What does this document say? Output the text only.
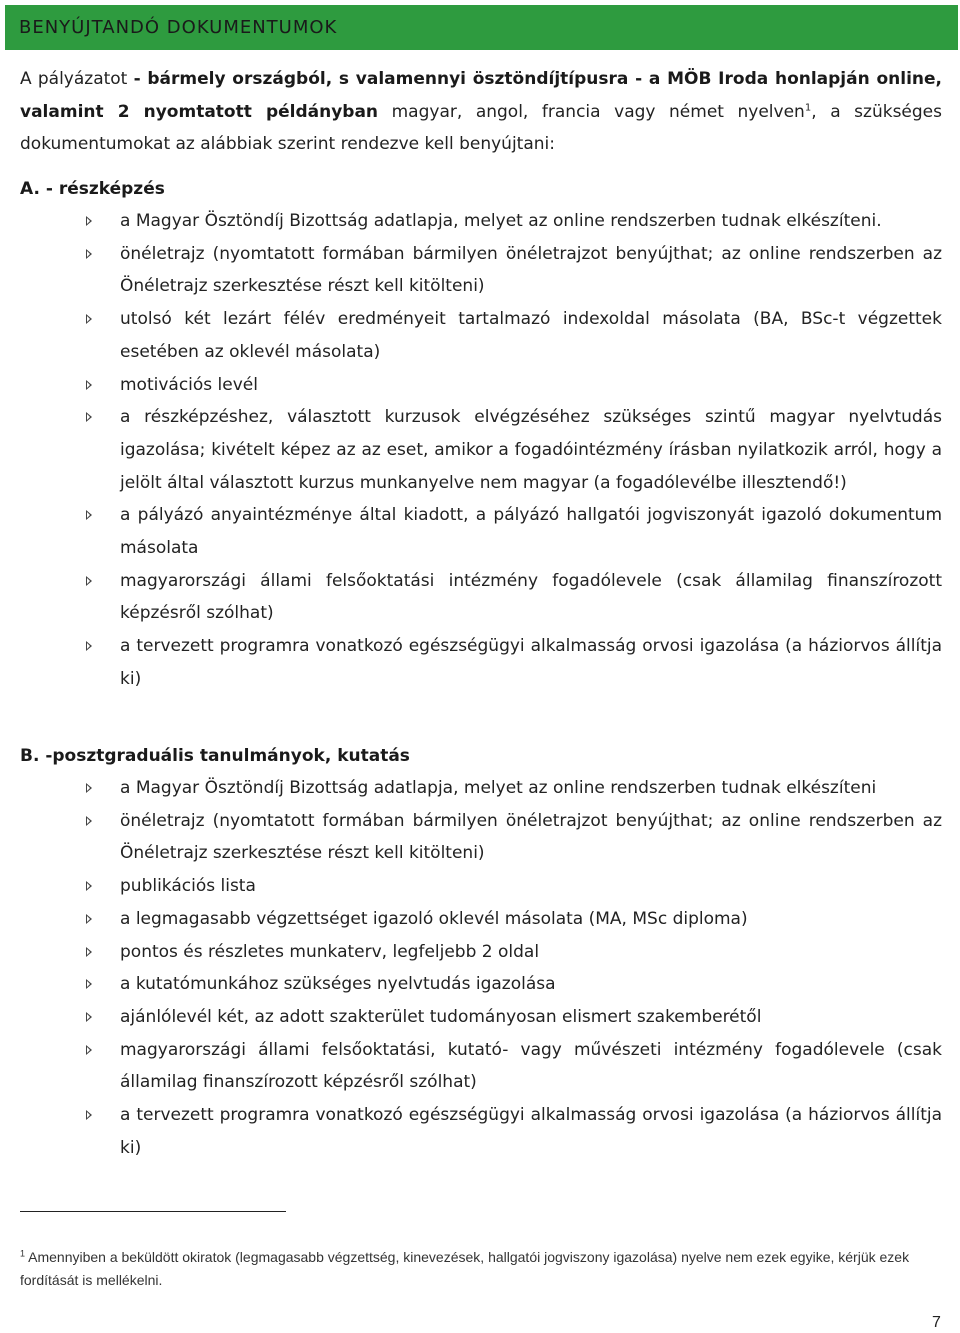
BENYÚJTANDÓ DOKUMENTUMOK

A pályázatot - bármely országból, s valamennyi ösztöndíjtípusra - a MÖB Iroda honlapján online, valamint 2 nyomtatott példányban magyar, angol, francia vagy német nyelven$^1$, a szükséges dokumentumokat az alábbiak szerint rendezve kell benyújtani:

A. - részképzés

a Magyar Ösztöndíj Bizottság adatlapja, melyet az online rendszerben tudnak elkészíteni.
önéletrajz (nyomtatott formában bármilyen önéletrajzot benyújthat; az online rendszerben az Önéletrajz szerkesztése részt kell kitölteni)
utolsó két lezárt félév eredményeit tartalmazó indexoldal másolata (BA, BSc-t végzettek esetében az oklevél másolata)
motivációs levél
a részképzéshez, választott kurzusok elvégzéséhez szükséges szintű magyar nyelvtudás igazolása; kivételt képez az az eset, amikor a fogadóintézmény írásban nyilatkozik arról, hogy a jelölt által választott kurzus munkanyelve nem magyar (a fogadólevélbe illesztendő!)
a pályázó anyaintézménye által kiadott, a pályázó hallgatói jogviszonyát igazoló dokumentum másolata
magyarországi állami felsőoktatási intézmény fogadólevele (csak államilag finanszírozott képzésről szólhat)
a tervezett programra vonatkozó egészségügyi alkalmasság orvosi igazolása (a háziorvos állítja ki)

B. -posztgraduális tanulmányok, kutatás

a Magyar Ösztöndíj Bizottság adatlapja, melyet az online rendszerben tudnak elkészíteni
önéletrajz (nyomtatott formában bármilyen önéletrajzot benyújthat; az online rendszerben az Önéletrajz szerkesztése részt kell kitölteni)
publikációs lista
a legmagasabb végzettséget igazoló oklevél másolata (MA, MSc diploma)
pontos és részletes munkaterv, legfeljebb 2 oldal
a kutatómunkához szükséges nyelvtudás igazolása
ajánlólevél két, az adott szakterület tudományosan elismert szakemberétől
magyarországi állami felsőoktatási, kutató- vagy művészeti intézmény fogadólevele (csak államilag finanszírozott képzésről szólhat)
a tervezett programra vonatkozó egészségügyi alkalmasság orvosi igazolása (a háziorvos állítja ki)

$^1$ Amennyiben a beküldött okiratok (legmagasabb végzettség, kinevezések, hallgatói jogviszony igazolása) nyelve nem ezek egyike, kérjük ezek fordítását is mellékelni.

7
